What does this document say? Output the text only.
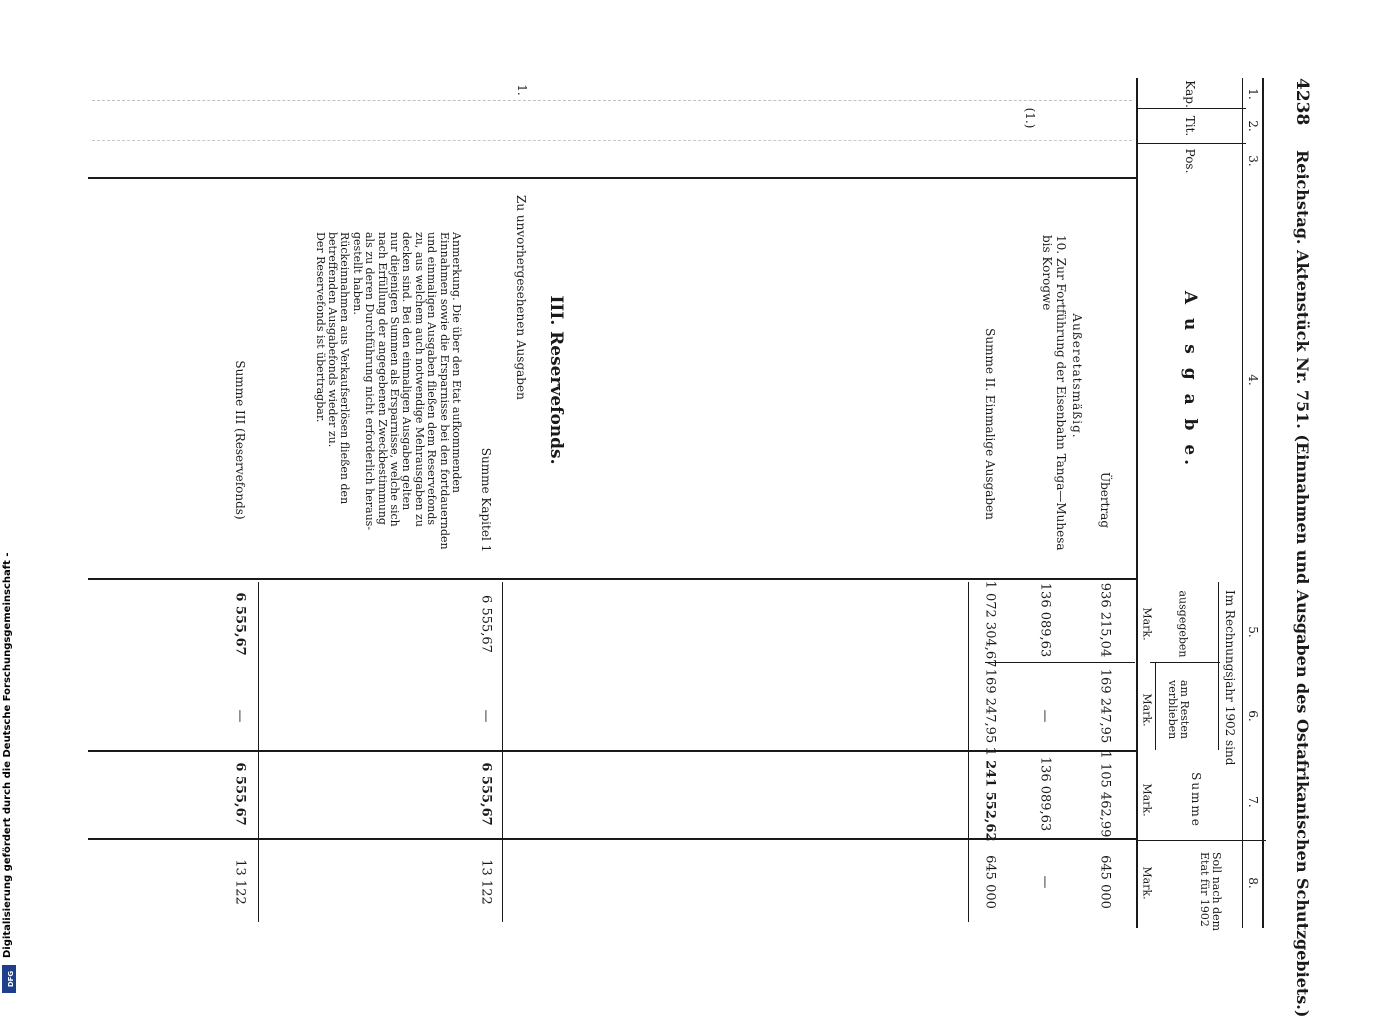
4238
Reichstag. Aktenstück Nr. 751. (Einnahmen und Ausgaben des Ostafrikanischen Schutzgebiets.)
1.
2.
3.
4.
5.
6.
7.
8.
Kap.
Tit.
Pos.
A u s g a b e.
Im Rechnungsjahr 1902 sind
ausgegeben
Mark.
am Resten verblieben
Mark.
Summe
Mark.
Soll nach dem Etat für 1902
Mark.
Übertrag
936 215,04
169 247,95
1 105 462,99
645 000
Außeretatsmäßig.
10. Zur Fortführung der Eisenbahn Tanga—Muhesa bis Korogwe
136 089,63
—
136 089,63
—
Summe II. Einmalige Ausgaben
1 072 304,67
169 247,95
1 241 552,62
645 000
(1.)
1.
III. Reservefonds.
Zu unvorhergesehenen Ausgaben
Summe Kapitel 1
6 555,67
—
6 555,67
13 122
Anmerkung. Die über den Etat aufkommenden
Einnahmen sowie die Ersparnisse bei den fortdauernden
und einmaligen Ausgaben fließen dem Reservefonds
zu, aus welchem auch notwendige Mehrausgaben zu
decken sind. Bei den einmaligen Ausgaben gelten
nur diejenigen Summen als Ersparnisse, welche sich
nach Erfüllung der angegebenen Zweckbestimmung
als zu deren Durchführung nicht erforderlich heraus-
gestellt haben.
Rückeinnahmen aus Verkaufserlösen fließen den
betreffenden Ausgabefonds wieder zu.
Der Reservefonds ist übertragbar.
Summe III (Reservefonds)
6 555,67
—
6 555,67
13 122
Digitalisierung gefördert durch die Deutsche Forschungsgemeinschaft -
DFG
